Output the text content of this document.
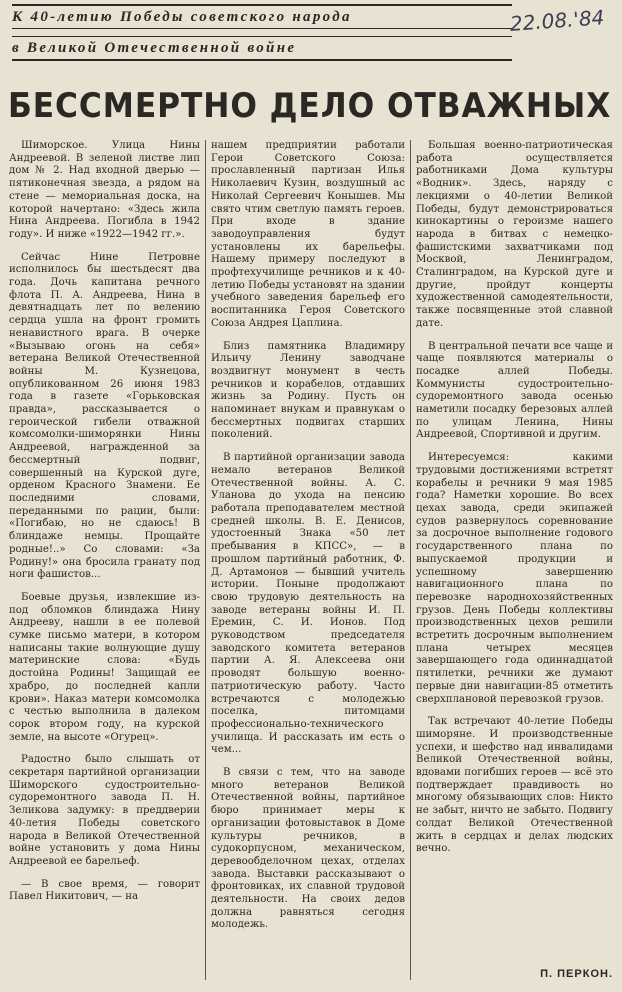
К 40-летию Победы советского народа
в Великой Отечественной войне
22.08.'84
БЕССМЕРТНО ДЕЛО ОТВАЖНЫХ

Шиморское. Улица Нины Андреевой. В зеленой листве лип дом № 2. Над входной дверью — пятиконечная звезда, а рядом на стене — мемориальная доска, на которой начертано: «Здесь жила Нина Андреева. Погибла в 1942 году». И ниже «1922—1942 гг.».

Сейчас Нине Петровне исполнилось бы шестьдесят два года. Дочь капитана речного флота П. А. Андреева, Нина в девятнадцать лет по велению сердца ушла на фронт громить ненавистного врага. В очерке «Вызываю огонь на себя» ветерана Великой Отечественной войны М. Кузнецова, опубликованном 26 июня 1983 года в газете «Горьковская правда», рассказывается о героической гибели отважной комсомолки-шиморянки Нины Андреевой, награжденной за бессмертный подвиг, совершенный на Курской дуге, орденом Красного Знамени. Ее последними словами, переданными по рации, были: «Погибаю, но не сдаюсь! В блиндаже немцы. Прощайте родные!..» Со словами: «За Родину!» она бросила гранату под ноги фашистов...

Боевые друзья, извлекшие из-под обломков блиндажа Нину Андрееву, нашли в ее полевой сумке письмо матери, в котором написаны такие волнующие душу материнские слова: «Будь достойна Родины! Защищай ее храбро, до последней капли крови». Наказ матери комсомолка с честью выполнила в далеком сорок втором году, на курской земле, на высоте «Огурец».

Радостно было слышать от секретаря партийной организации Шиморского судостроительно-судоремонтного завода П. Н. Зеликова задумку: в преддверии 40-летия Победы советского народа в Великой Отечественной войне установить у дома Нины Андреевой ее барельеф.

— В свое время, — говорит Павел Никитович, — на

нашем предприятии работали Герои Советского Союза: прославленный партизан Илья Николаевич Кузин, воздушный ас Николай Сергеевич Конышев. Мы свято чтим светлую память героев. При входе в здание заводоуправления будут установлены их барельефы. Нашему примеру последуют в профтехучилище речников и к 40-летию Победы установят на здании учебного заведения барельеф его воспитанника Героя Советского Союза Андрея Цаплина.

Близ памятника Владимиру Ильичу Ленину заводчане воздвигнут монумент в честь речников и корабелов, отдавших жизнь за Родину. Пусть он напоминает внукам и правнукам о бессмертных подвигах старших поколений.

В партийной организации завода немало ветеранов Великой Отечественной войны. А. С. Уланова до ухода на пенсию работала преподавателем местной средней школы. В. Е. Денисов, удостоенный Знака «50 лет пребывания в КПСС», — в прошлом партийный работник, Ф. Д. Артамонов — бывший учитель истории. Поныне продолжают свою трудовую деятельность на заводе ветераны войны И. П. Еремин, С. И. Ионов. Под руководством председателя заводского комитета ветеранов партии А. Я. Алексеева они проводят большую военно-патриотическую работу. Часто встречаются с молодежью поселка, питомцами профессионально-технического училища. И рассказать им есть о чем...

В связи с тем, что на заводе много ветеранов Великой Отечественной войны, партийное бюро принимает меры к организации фотовыставок в Доме культуры речников, в судокорпусном, механическом, деревообделочном цехах, отделах завода. Выставки рассказывают о фронтовиках, их славной трудовой деятельности. На своих дедов должна равняться сегодня молодежь.

Большая военно-патриотическая работа осуществляется работниками Дома культуры «Водник». Здесь, наряду с лекциями о 40-летии Великой Победы, будут демонстрироваться кинокартины о героизме нашего народа в битвах с немецко-фашистскими захватчиками под Москвой, Ленинградом, Сталинградом, на Курской дуге и другие, пройдут концерты художественной самодеятельности, также посвященные этой славной дате.

В центральной печати все чаще и чаще появляются материалы о посадке аллей Победы. Коммунисты судостроительно-судоремонтного завода осенью наметили посадку березовых аллей по улицам Ленина, Нины Андреевой, Спортивной и другим.

Интересуемся: какими трудовыми достижениями встретят корабелы и речники 9 мая 1985 года? Наметки хорошие. Во всех цехах завода, среди экипажей судов развернулось соревнование за досрочное выполнение годового государственного плана по выпускаемой продукции и успешному завершению навигационного плана по перевозке народнохозяйственных грузов. День Победы коллективы производственных цехов решили встретить досрочным выполнением плана четырех месяцев завершающего года одиннадцатой пятилетки, речники же думают первые дни навигации-85 отметить сверхплановой перевозкой грузов.

Так встречают 40-летие Победы шиморяне. И производственные успехи, и шефство над инвалидами Великой Отечественной войны, вдовами погибших героев — всё это подтверждает правдивость но многому обязывающих слов: Никто не забыт, ничто не забыто. Подвигу солдат Великой Отечественной жить в сердцах и делах людских вечно.

П. ПЕРКОН.
